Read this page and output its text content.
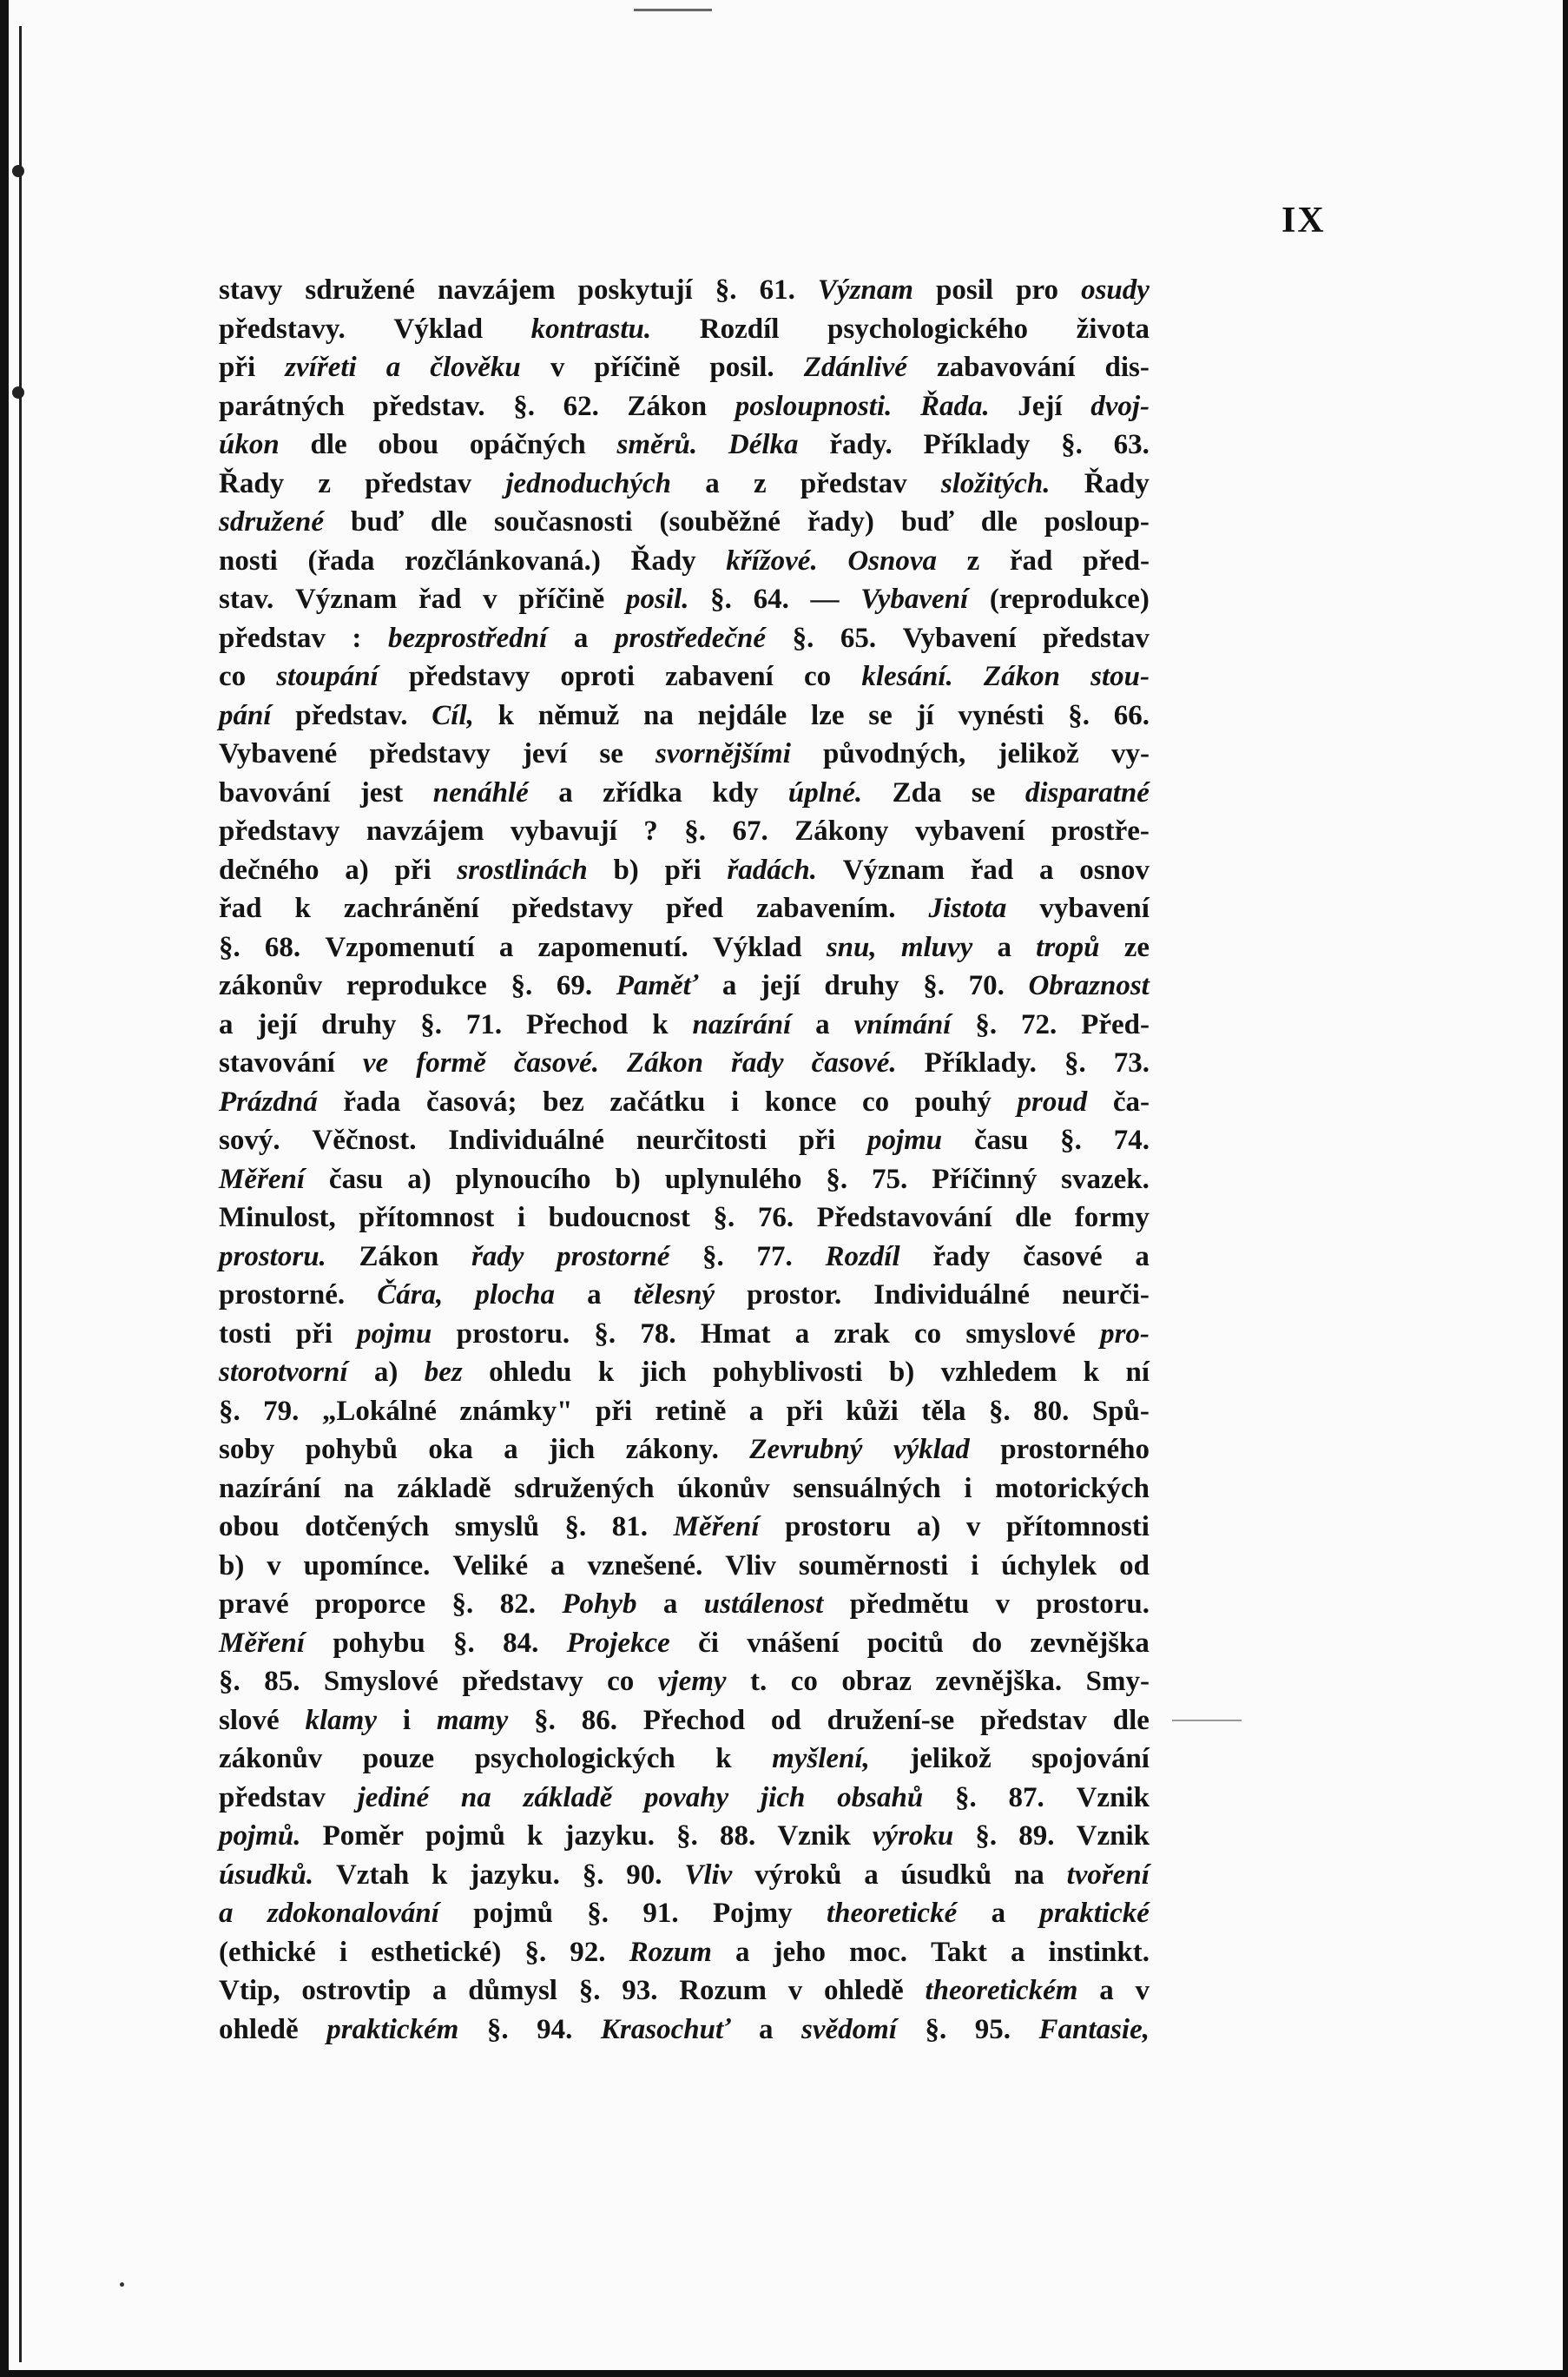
IX
stavy sdružené navzájem poskytují §. 61. Význam posil pro osudy
představy. Výklad kontrastu. Rozdíl psychologického života
při zvířeti a člověku v příčině posil. Zdánlivé zabavování dis-
parátných představ. §. 62. Zákon posloupnosti. Řada. Její dvoj-
úkon dle obou opáčných směrů. Délka řady. Příklady §. 63.
Řady z představ jednoduchých a z představ složitých. Řady
sdružené buď dle současnosti (souběžné řady) buď dle posloup-
nosti (řada rozčlánkovaná.) Řady křížové. Osnova z řad před-
stav. Význam řad v příčině posil. §. 64. — Vybavení (reprodukce)
představ : bezprostřední a prostředečné §. 65. Vybavení představ
co stoupání představy oproti zabavení co klesání. Zákon stou-
pání představ. Cíl, k němuž na nejdále lze se jí vynésti §. 66.
Vybavené představy jeví se svornějšími původných, jelikož vy-
bavování jest nenáhlé a zřídka kdy úplné. Zda se disparatné
představy navzájem vybavují ? §. 67. Zákony vybavení prostře-
dečného a) při srostlinách b) při řadách. Význam řad a osnov
řad k zachránění představy před zabavením. Jistota vybavení
§. 68. Vzpomenutí a zapomenutí. Výklad snu, mluvy a tropů ze
zákonův reprodukce §. 69. Paměť a její druhy §. 70. Obraznost
a její druhy §. 71. Přechod k nazírání a vnímání §. 72. Před-
stavování ve formě časové. Zákon řady časové. Příklady. §. 73.
Prázdná řada časová; bez začátku i konce co pouhý proud ča-
sový. Věčnost. Individuálné neurčitosti při pojmu času §. 74.
Měření času a) plynoucího b) uplynulého §. 75. Příčinný svazek.
Minulost, přítomnost i budoucnost §. 76. Představování dle formy
prostoru. Zákon řady prostorné §. 77. Rozdíl řady časové a
prostorné. Čára, plocha a tělesný prostor. Individuálné neurči-
tosti při pojmu prostoru. §. 78. Hmat a zrak co smyslové pro-
storotvorní a) bez ohledu k jich pohyblivosti b) vzhledem k ní
§. 79. „Lokálné známky" při retině a při kůži těla §. 80. Spů-
soby pohybů oka a jich zákony. Zevrubný výklad prostorného
nazírání na základě sdružených úkonův sensuálných i motorických
obou dotčených smyslů §. 81. Měření prostoru a) v přítomnosti
b) v upomínce. Veliké a vznešené. Vliv souměrnosti i úchylek od
pravé proporce §. 82. Pohyb a ustálenost předmětu v prostoru.
Měření pohybu §. 84. Projekce či vnášení pocitů do zevnějška
§. 85. Smyslové představy co vjemy t. co obraz zevnějška. Smy-
slové klamy i mamy §. 86. Přechod od družení-se představ dle
zákonův pouze psychologických k myšlení, jelikož spojování
představ jediné na základě povahy jich obsahů §. 87. Vznik
pojmů. Poměr pojmů k jazyku. §. 88. Vznik výroku §. 89. Vznik
úsudků. Vztah k jazyku. §. 90. Vliv výroků a úsudků na tvoření
a zdokonalování pojmů §. 91. Pojmy theoretické a praktické
(ethické i esthetické) §. 92. Rozum a jeho moc. Takt a instinkt.
Vtip, ostrovtip a důmysl §. 93. Rozum v ohledě theoretickém a v
ohledě praktickém §. 94. Krasochuť a svědomí §. 95. Fantasie,
